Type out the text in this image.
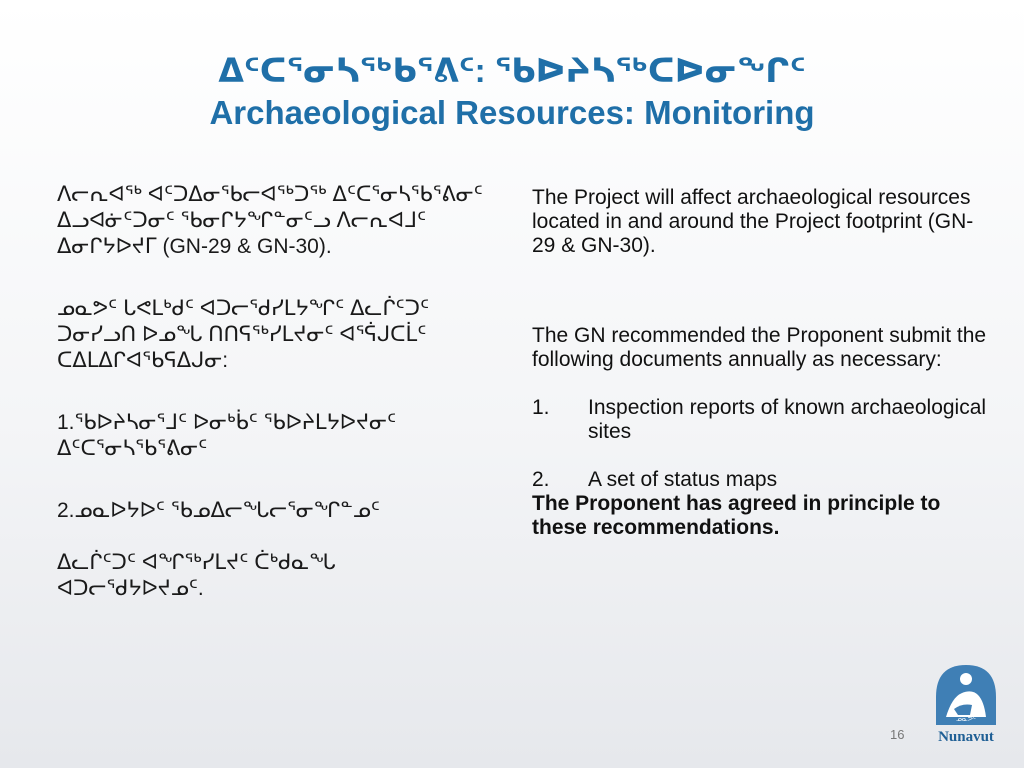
ᐃᑦᑕᕐᓂᓴᖅᑲᕐᕕᑦ: ᖃᐅᔨᓴᖅᑕᐅᓂᖏᑦ
Archaeological Resources: Monitoring

ᐱᓕᕆᐊᖅ ᐊᑦᑐᐃᓂᖃᓕᐊᖅᑐᖅ ᐃᑦᑕᕐᓂᓴᖃᕐᕕᓂᑦ ᐃᓗᐊᓃᑦᑐᓂᑦ ᖃᓂᒋᔭᖏᓐᓂᑦᓗ ᐱᓕᕆᐊᒧᑦ ᐃᓂᒋᔭᐅᔪᒥ (GN-29 & GN-30).

ᓄᓇᕗᑦ ᒐᕙᒪᒃᑯᑦ ᐊᑐᓕᕐᑯᓯᒪᔭᖏᑦ ᐃᓚᒌᑦᑐᑦ ᑐᓂᓯᓗᑎ ᐅᓄᖓ ᑎᑎᕋᖅᓯᒪᔪᓂᑦ ᐊᕐᕌᒍᑕᒫᑦ ᑕᐃᒪᐃᒋᐊᖃᕋᐃᒍᓂ:

1.ᖃᐅᔨᓴᓂᕐᒧᑦ ᐅᓂᒃᑳᑦ ᖃᐅᔨᒪᔭᐅᔪᓂᑦ ᐃᑦᑕᕐᓂᓴᖃᕐᕕᓂᑦ

2.ᓄᓇᐅᔭᐅᑦ ᖃᓄᐃᓕᖓᓕᕐᓂᖏᓐᓄᑦ

ᐃᓚᒌᑦᑐᑦ ᐊᖏᖅᓯᒪᔪᑦ ᑖᒃᑯᓇᖓ ᐊᑐᓕᕐᑯᔭᐅᔪᓄᑦ.

The Project will affect archaeological resources located in and around the Project footprint (GN-29 & GN-30).

The GN recommended the Proponent submit the following documents annually as necessary:

1.	Inspection reports of known archaeological sites
2.	A set of status maps

The Proponent has agreed in principle to these recommendations.

16
ᓄᓇᕗᑦ
Nunavut
